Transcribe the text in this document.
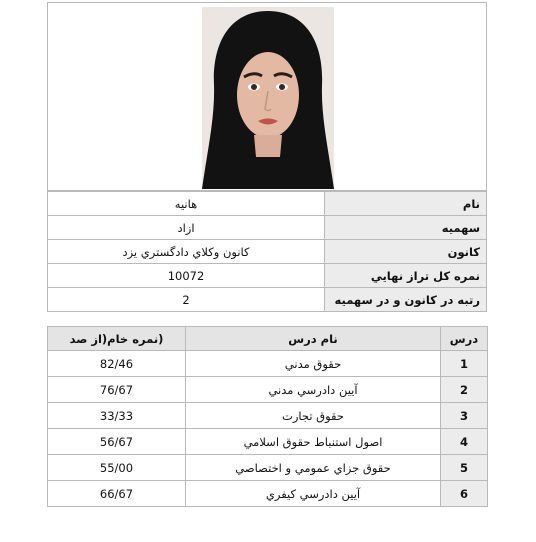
هانيه	نام
ازاد	سهميه
كانون وكلاي دادگستري يزد	كانون
10072	نمره كل تراز نهايي
2	رتبه در كانون و در سهميه
(نمره خام(از صد	نام درس	درس
82/46	حقوق مدني	1
76/67	آيين دادرسي مدني	2
33/33	حقوق تجارت	3
56/67	اصول استنباط حقوق اسلامي	4
55/00	حقوق جزاي عمومي و اختصاصي	5
66/67	آيين دادرسي كيفري	6
